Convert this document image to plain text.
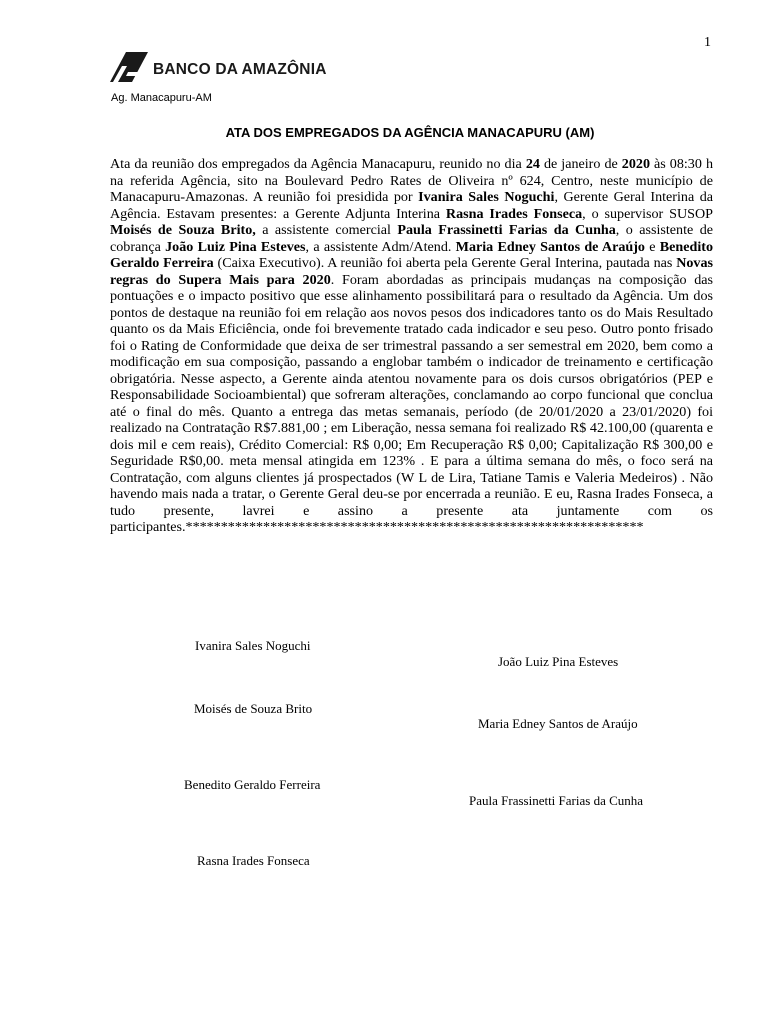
1
BANCO DA AMAZÔNIA
Ag. Manacapuru-AM
ATA DOS EMPREGADOS DA AGÊNCIA MANACAPURU (AM)

Ata da reunião dos empregados da Agência Manacapuru, reunido no dia 24 de janeiro de 2020 às 08:30 h na referida Agência, sito na Boulevard Pedro Rates de Oliveira nº 624, Centro, neste município de Manacapuru-Amazonas. A reunião foi presidida por Ivanira Sales Noguchi, Gerente Geral Interina da Agência. Estavam presentes: a Gerente Adjunta Interina Rasna Irades Fonseca, o supervisor SUSOP Moisés de Souza Brito, a assistente comercial Paula Frassinetti Farias da Cunha, o assistente de cobrança João Luiz Pina Esteves, a assistente Adm/Atend. Maria Edney Santos de Araújo e Benedito Geraldo Ferreira (Caixa Executivo). A reunião foi aberta pela Gerente Geral Interina, pautada nas Novas regras do Supera Mais para 2020. Foram abordadas as principais mudanças na composição das pontuações e o impacto positivo que esse alinhamento possibilitará para o resultado da Agência. Um dos pontos de destaque na reunião foi em relação aos novos pesos dos indicadores tanto os do Mais Resultado quanto os da Mais Eficiência, onde foi brevemente tratado cada indicador e seu peso. Outro ponto frisado foi o Rating de Conformidade que deixa de ser trimestral passando a ser semestral em 2020, bem como a modificação em sua composição, passando a englobar também o indicador de treinamento e certificação obrigatória. Nesse aspecto, a Gerente ainda atentou novamente para os dois cursos obrigatórios (PEP e Responsabilidade Socioambiental) que sofreram alterações, conclamando ao corpo funcional que conclua até o final do mês. Quanto a entrega das metas semanais, período (de 20/01/2020 a 23/01/2020) foi realizado na Contratação R$7.881,00 ; em Liberação, nessa semana foi realizado R$ 42.100,00 (quarenta e dois mil e cem reais), Crédito Comercial: R$ 0,00; Em Recuperação R$ 0,00; Capitalização R$ 300,00 e Seguridade R$0,00. meta mensal atingida em 123% . E para a última semana do mês, o foco será na Contratação, com alguns clientes já prospectados (W L de Lira, Tatiane Tamis e Valeria Medeiros) . Não havendo mais nada a tratar, o Gerente Geral deu-se por encerrada a reunião. E eu, Rasna Irades Fonseca, a tudo presente, lavrei e assino a presente ata juntamente com os participantes.*****************************************************************

Ivanira Sales Noguchi
João Luiz Pina Esteves
Moisés de Souza Brito
Maria Edney Santos de Araújo
Benedito Geraldo Ferreira
Paula Frassinetti Farias da Cunha
Rasna Irades Fonseca
